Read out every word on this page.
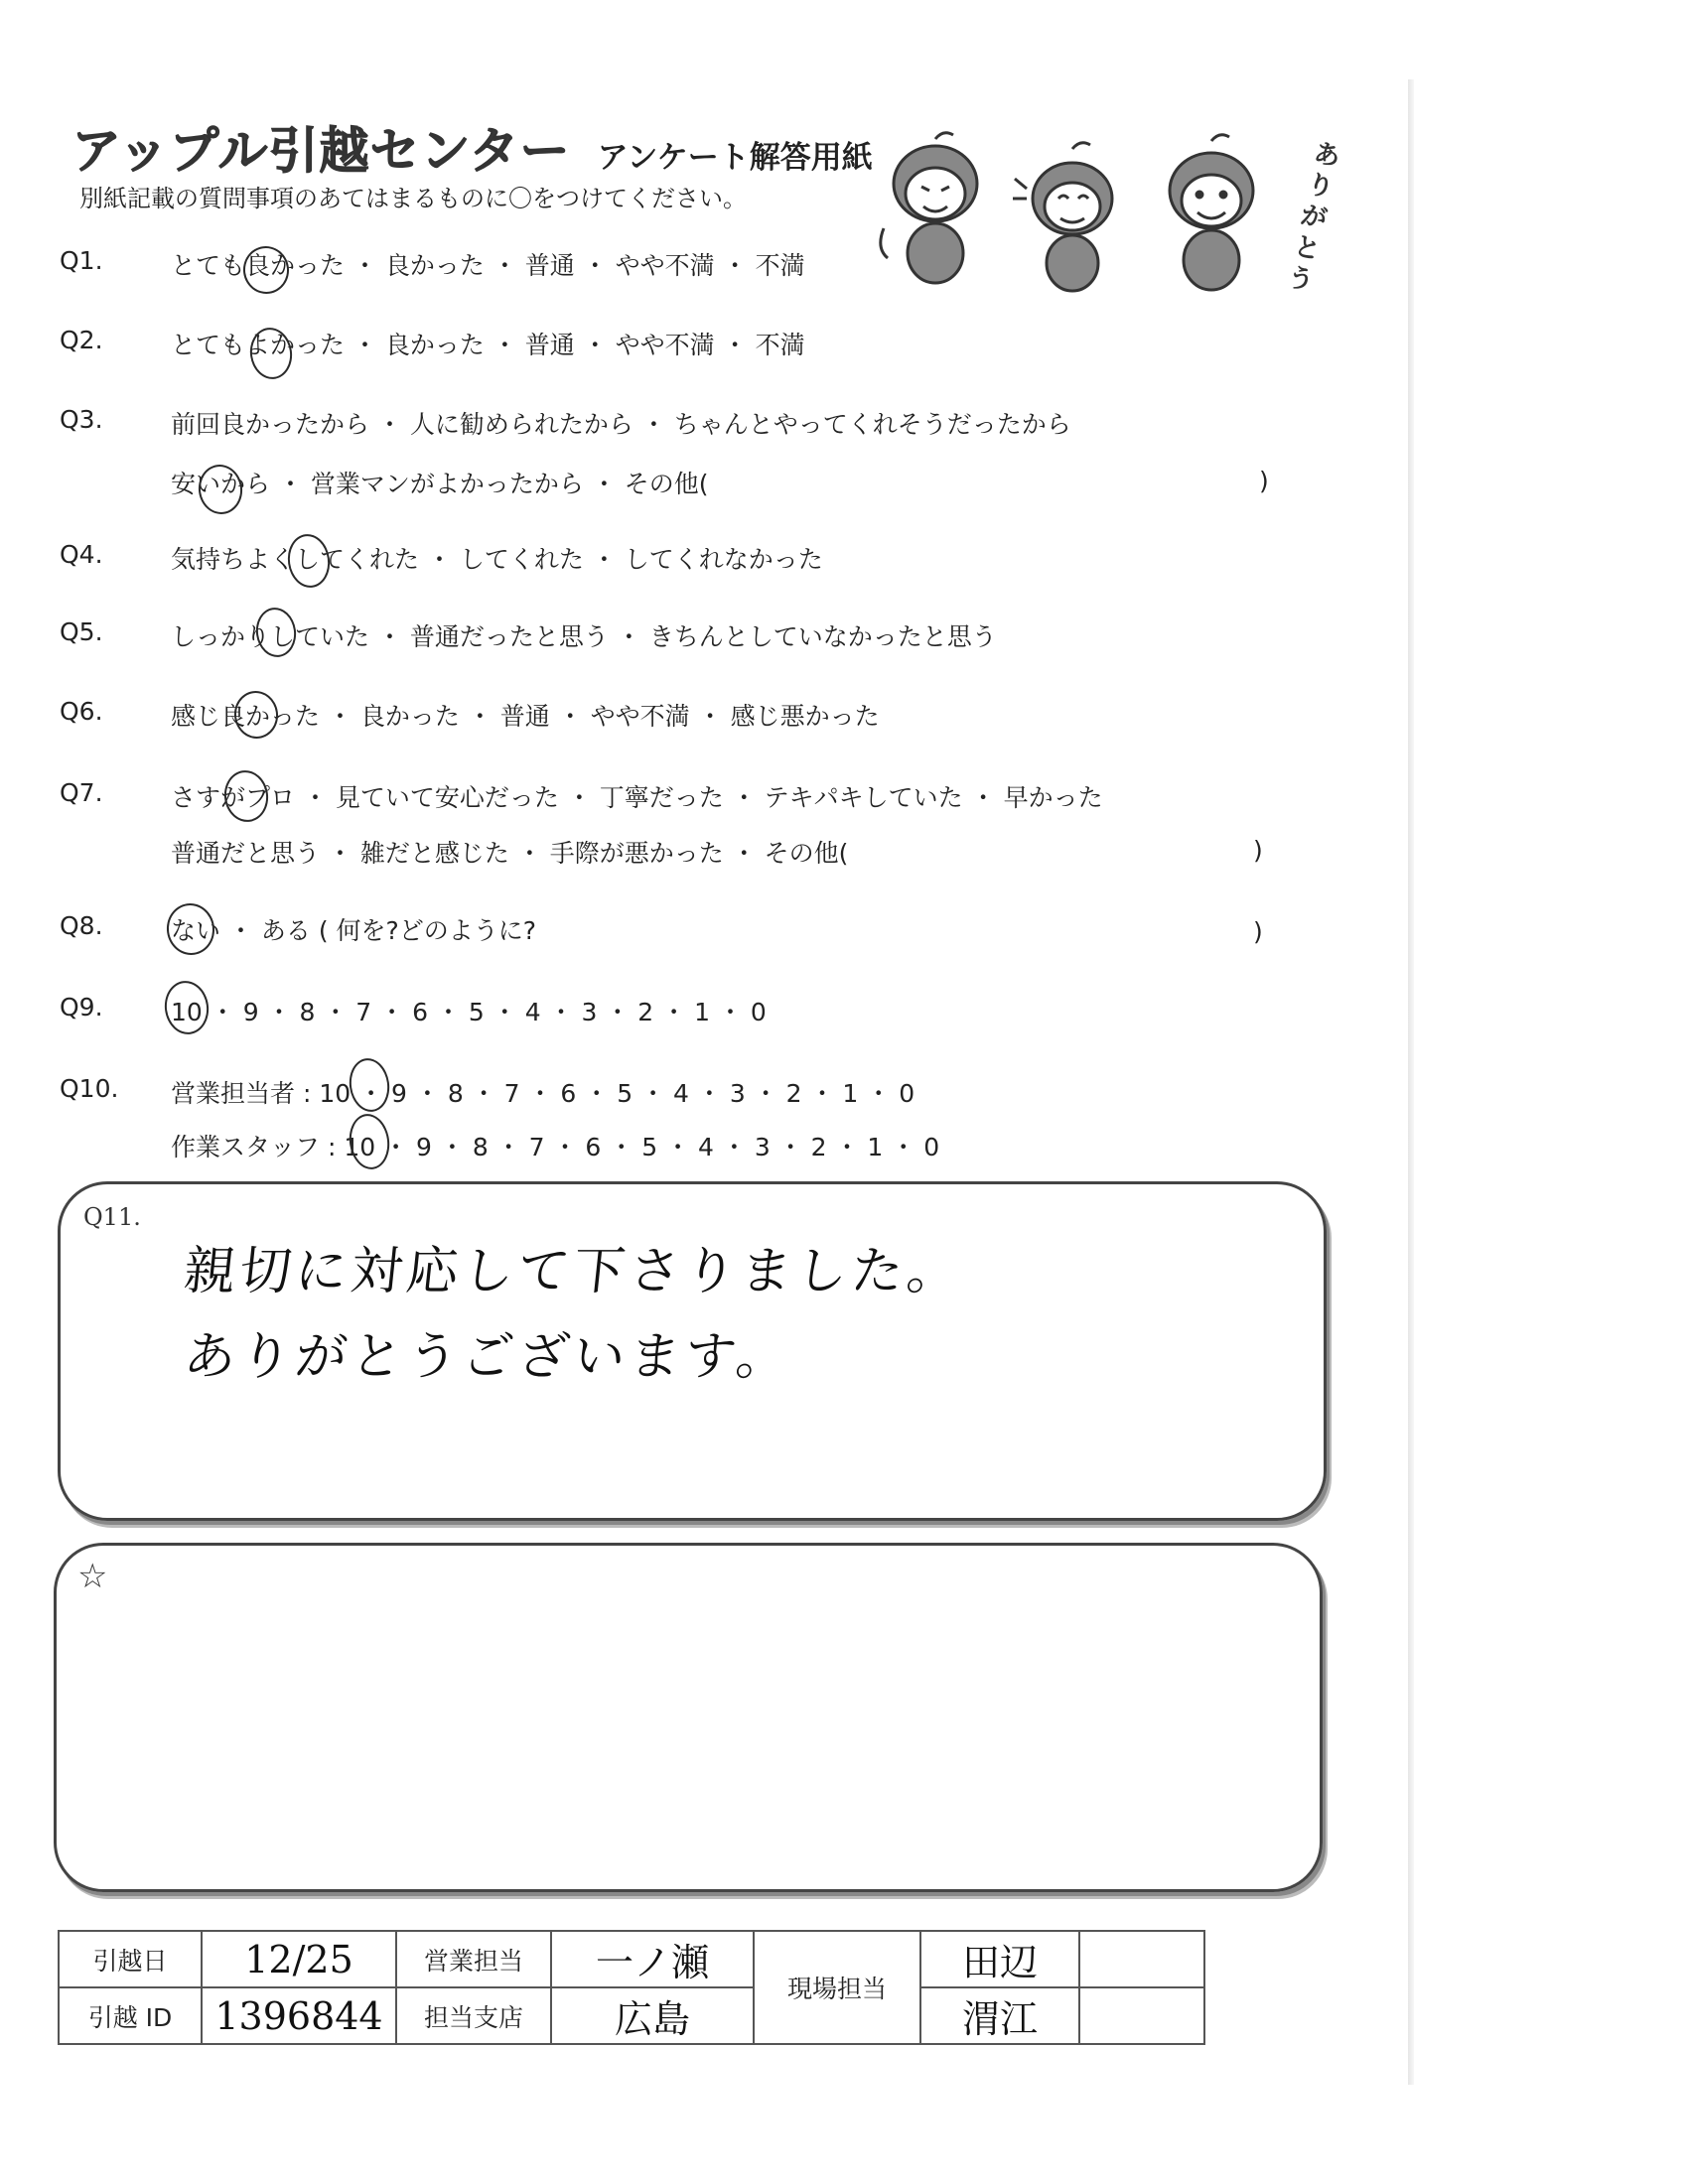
アップル引越センター アンケート解答用紙
別紙記載の質問事項のあてはまるものに〇をつけてください。
ありがとう
Q1.	とても良かった ・ 良かった ・ 普通 ・ やや不満 ・ 不満
Q2.	とてもよかった ・ 良かった ・ 普通 ・ やや不満 ・ 不満
Q3.	前回良かったから ・ 人に勧められたから ・ ちゃんとやってくれそうだったから
安いから ・ 営業マンがよかったから ・ その他(	)
Q4.	気持ちよくしてくれた ・ してくれた ・ してくれなかった
Q5.	しっかりしていた ・ 普通だったと思う ・ きちんとしていなかったと思う
Q6.	感じ良かった ・ 良かった ・ 普通 ・ やや不満 ・ 感じ悪かった
Q7.	さすがプロ ・ 見ていて安心だった ・ 丁寧だった ・ テキパキしていた ・ 早かった
普通だと思う ・ 雑だと感じた ・ 手際が悪かった ・ その他(	)
Q8.	ない ・ ある ( 何を?どのように?	)
Q9.	10 ・ 9 ・ 8 ・ 7 ・ 6 ・ 5 ・ 4 ・ 3 ・ 2 ・ 1 ・ 0
Q10.	営業担当者 : 10 ・ 9 ・ 8 ・ 7 ・ 6 ・ 5 ・ 4 ・ 3 ・ 2 ・ 1 ・ 0
作業スタッフ : 10 ・ 9 ・ 8 ・ 7 ・ 6 ・ 5 ・ 4 ・ 3 ・ 2 ・ 1 ・ 0
Q11.
親切に対応して下さりました。
ありがとうございます。
☆
引越日	12/25	営業担当	一ノ瀬	現場担当	田辺	
引越 ID	1396844	担当支店	広島		渭江	
